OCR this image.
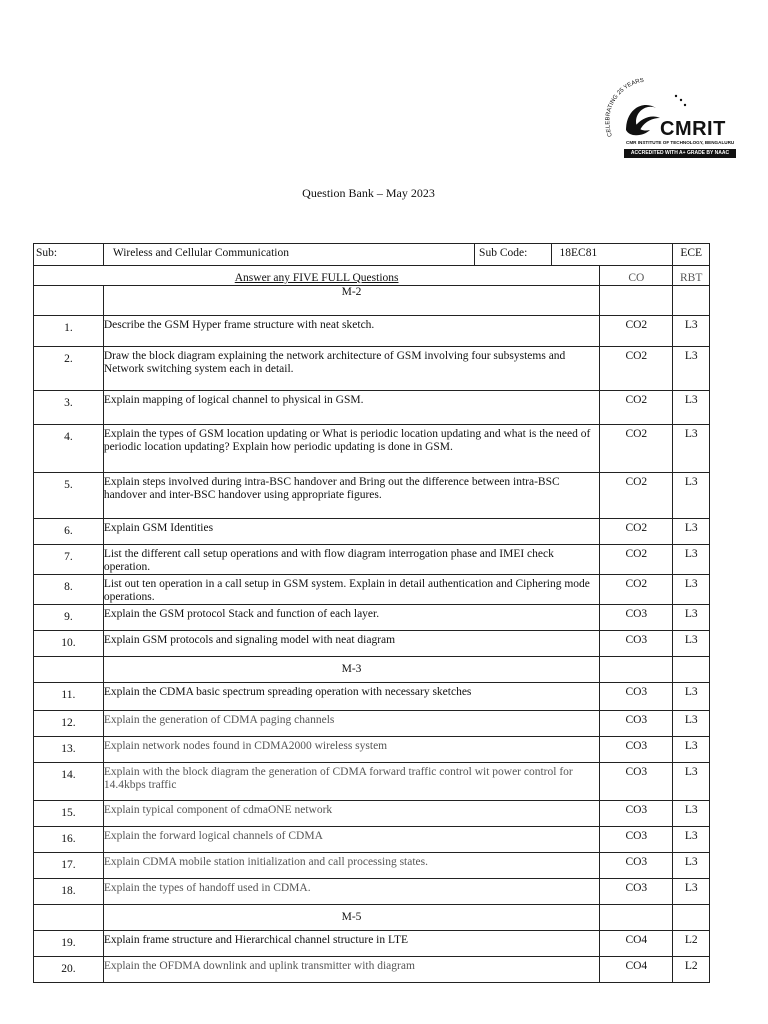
CELEBRATING 25 YEARS
CMRIT
CMR INSTITUTE OF TECHNOLOGY, BENGALURU
ACCREDITED WITH A+ GRADE BY NAAC
Question Bank – May 2023
Sub:	Wireless and Cellular Communication	Sub Code:	18EC81		ECE
Answer any FIVE FULL Questions				CO	RBT
	M-2				
1.	Describe the GSM Hyper frame structure with neat sketch.			CO2	L3
2.	Draw the block diagram explaining the network architecture of GSM involving four subsystems and Network switching system each in detail.			CO2	L3
3.	Explain mapping of logical channel to physical in GSM.			CO2	L3
4.	Explain the types of GSM location updating or What is periodic location updating and what is the need of periodic location updating? Explain how periodic updating is done in GSM.			CO2	L3
5.	Explain steps involved during intra-BSC handover and Bring out the difference between intra-BSC handover and inter-BSC handover using appropriate figures.			CO2	L3
6.	Explain GSM Identities			CO2	L3
7.	List the different call setup operations and with flow diagram interrogation phase and IMEI check operation.			CO2	L3
8.	List out ten operation in a call setup in GSM system. Explain in detail authentication and Ciphering mode operations.			CO2	L3
9.	Explain the GSM protocol Stack and function of each layer.			CO3	L3
10.	Explain GSM protocols and signaling model with neat diagram			CO3	L3
	M-3				
11.	Explain the CDMA basic spectrum spreading operation with necessary sketches			CO3	L3
12.	Explain the generation of CDMA paging channels			CO3	L3
13.	Explain network nodes found in CDMA2000 wireless system			CO3	L3
14.	Explain with the block diagram the generation of CDMA forward traffic control wit power control for 14.4kbps traffic			CO3	L3
15.	Explain typical component of cdmaONE network			CO3	L3
16.	Explain the forward logical channels of CDMA			CO3	L3
17.	Explain CDMA mobile station initialization and call processing states.			CO3	L3
18.	Explain the types of handoff used in CDMA.			CO3	L3
	M-5				
19.	Explain frame structure and Hierarchical channel structure in LTE			CO4	L2
20.	Explain the OFDMA downlink and uplink transmitter with diagram			CO4	L2
